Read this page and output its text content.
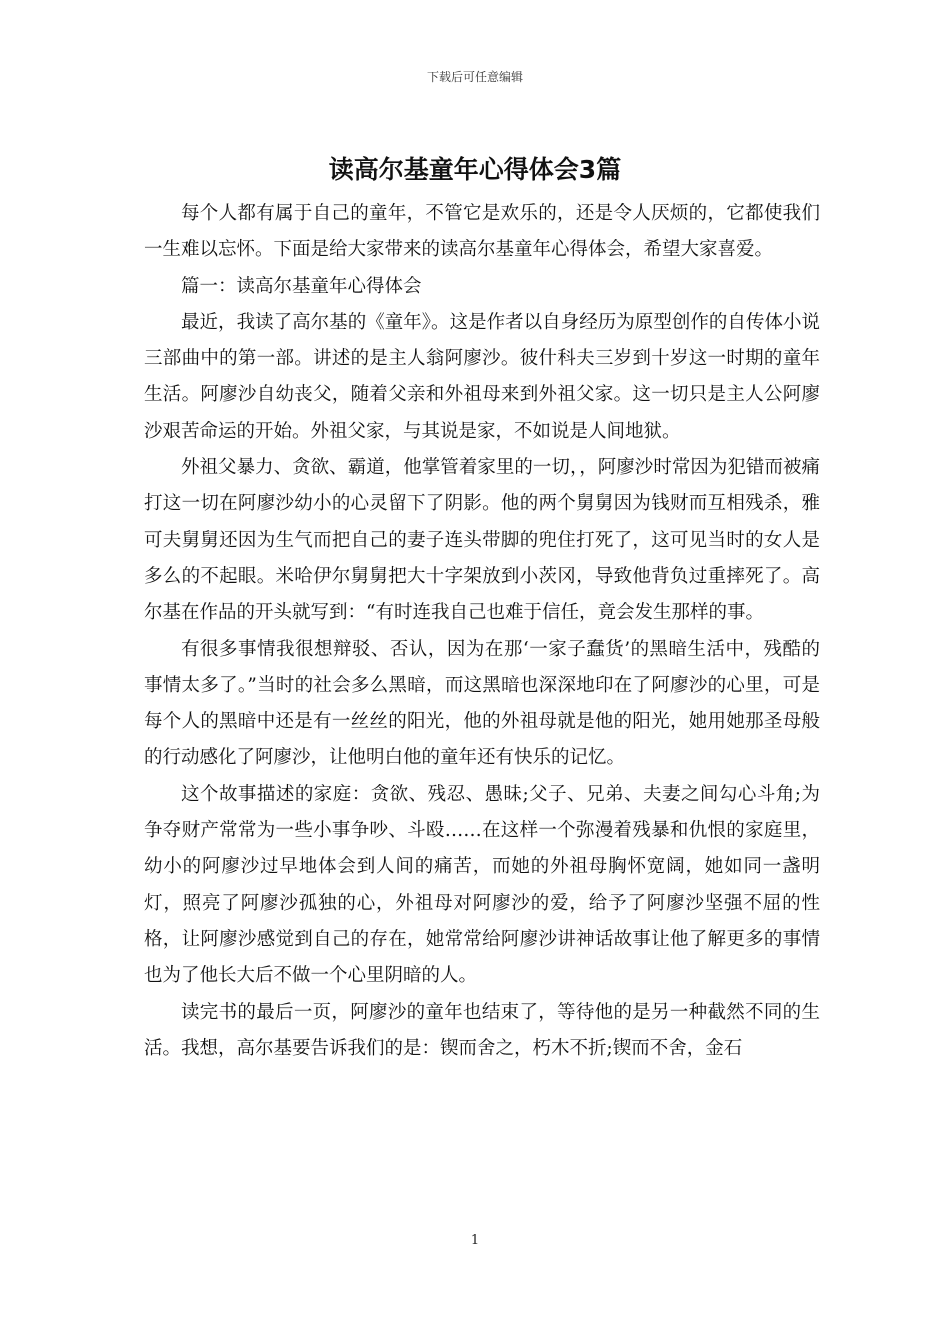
下载后可任意编辑
读高尔基童年心得体会3篇

每个人都有属于自己的童年，不管它是欢乐的，还是令人厌烦的，它都使我们一生难以忘怀。下面是给大家带来的读高尔基童年心得体会，希望大家喜爱。

篇一：读高尔基童年心得体会

最近，我读了高尔基的《童年》。这是作者以自身经历为原型创作的自传体小说三部曲中的第一部。讲述的是主人翁阿廖沙。彼什科夫三岁到十岁这一时期的童年生活。阿廖沙自幼丧父，随着父亲和外祖母来到外祖父家。这一切只是主人公阿廖沙艰苦命运的开始。外祖父家，与其说是家，不如说是人间地狱。

外祖父暴力、贪欲、霸道，他掌管着家里的一切，，阿廖沙时常因为犯错而被痛打这一切在阿廖沙幼小的心灵留下了阴影。他的两个舅舅因为钱财而互相残杀，雅可夫舅舅还因为生气而把自己的妻子连头带脚的兜住打死了，这可见当时的女人是多么的不起眼。米哈伊尔舅舅把大十字架放到小茨冈，导致他背负过重摔死了。高尔基在作品的开头就写到：“有时连我自己也难于信任，竟会发生那样的事。

有很多事情我很想辩驳、否认，因为在那‘一家子蠢货’的黑暗生活中，残酷的事情太多了。”当时的社会多么黑暗，而这黑暗也深深地印在了阿廖沙的心里，可是每个人的黑暗中还是有一丝丝的阳光，他的外祖母就是他的阳光，她用她那圣母般的行动感化了阿廖沙，让他明白他的童年还有快乐的记忆。

这个故事描述的家庭：贪欲、残忍、愚昧;父子、兄弟、夫妻之间勾心斗角;为争夺财产常常为一些小事争吵、斗殴……在这样一个弥漫着残暴和仇恨的家庭里，幼小的阿廖沙过早地体会到人间的痛苦，而她的外祖母胸怀宽阔，她如同一盏明灯，照亮了阿廖沙孤独的心，外祖母对阿廖沙的爱，给予了阿廖沙坚强不屈的性格，让阿廖沙感觉到自己的存在，她常常给阿廖沙讲神话故事让他了解更多的事情也为了他长大后不做一个心里阴暗的人。

读完书的最后一页，阿廖沙的童年也结束了，等待他的是另一种截然不同的生活。我想，高尔基要告诉我们的是：锲而舍之，朽木不折;锲而不舍，金石

1
